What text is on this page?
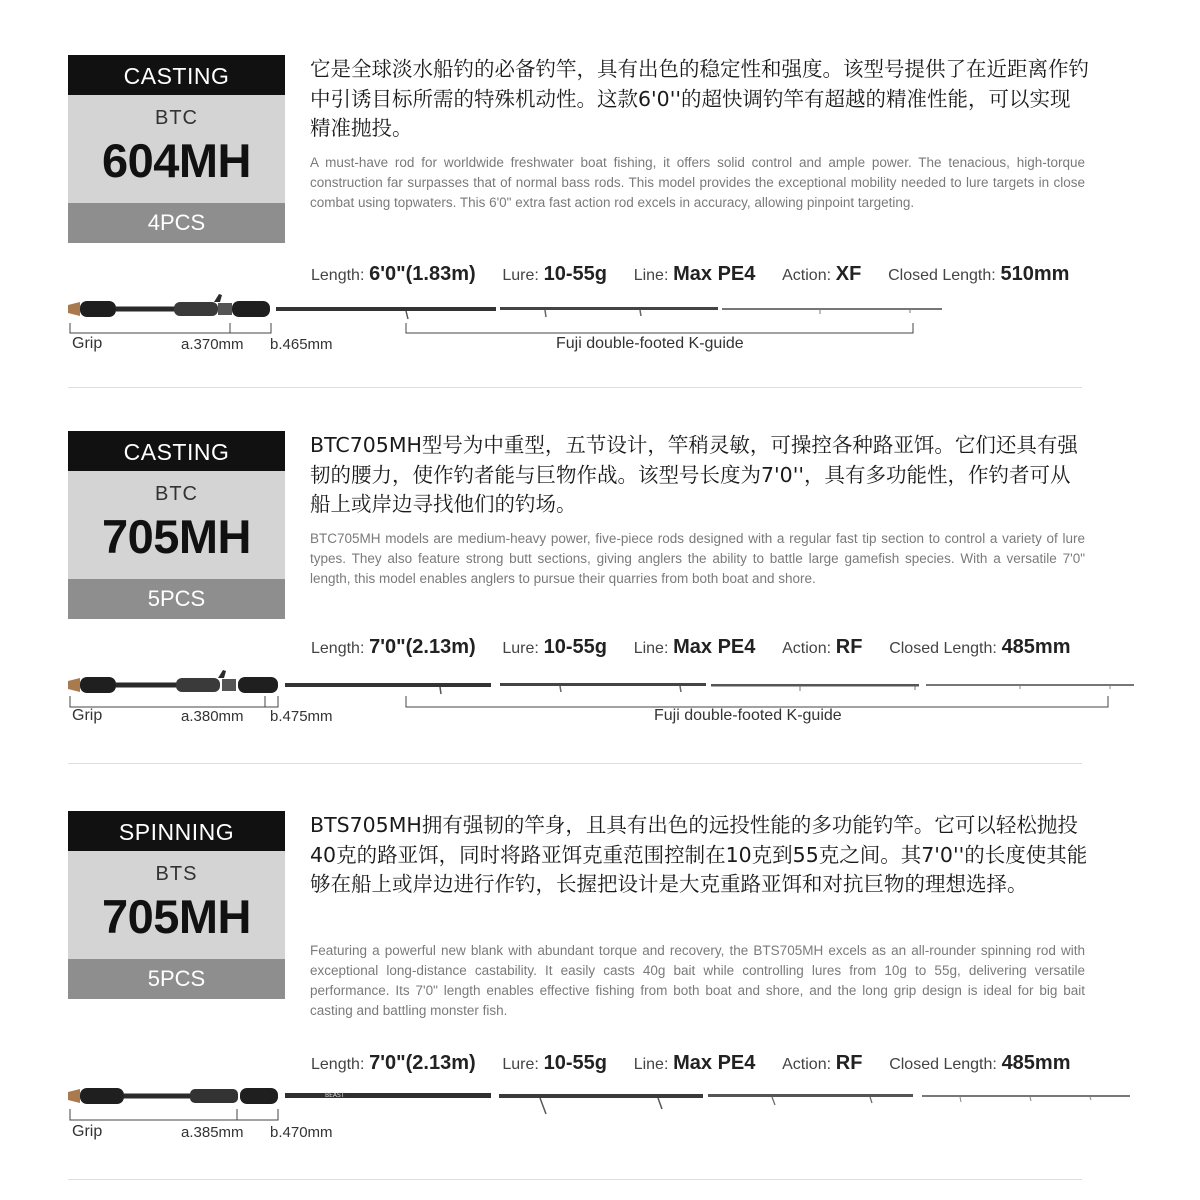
CASTING
BTC
604MH
4PCS
它是全球淡水船钓的必备钓竿，具有出色的稳定性和强度。该型号提供了在近距离作钓中引诱目标所需的特殊机动性。这款6'0''的超快调钓竿有超越的精准性能，可以实现精准抛投。
A must-have rod for worldwide freshwater boat fishing, it offers solid control and ample power. The tenacious, high-torque construction far surpasses that of normal bass rods. This model provides the exceptional mobility needed to lure targets in close combat using topwaters. This 6'0" extra fast action rod excels in accuracy, allowing pinpoint targeting.
Length: 6'0"(1.83m) Lure: 10-55g Line: Max PE4 Action: XF Closed Length: 510mm
Grip	a.370mm b.465mm	Fuji double-footed K-guide
CASTING
BTC
705MH
5PCS
BTC705MH型号为中重型，五节设计，竿稍灵敏，可操控各种路亚饵。它们还具有强韧的腰力，使作钓者能与巨物作战。该型号长度为7'0''，具有多功能性，作钓者可从船上或岸边寻找他们的钓场。
BTC705MH models are medium-heavy power, five-piece rods designed with a regular fast tip section to control a variety of lure types. They also feature strong butt sections, giving anglers the ability to battle large gamefish species. With a versatile 7'0" length, this model enables anglers to pursue their quarries from both boat and shore.
Length: 7'0"(2.13m) Lure: 10-55g Line: Max PE4 Action: RF Closed Length: 485mm
Grip	a.380mm b.475mm	Fuji double-footed K-guide
SPINNING
BTS
705MH
5PCS
BTS705MH拥有强韧的竿身，且具有出色的远投性能的多功能钓竿。它可以轻松抛投40克的路亚饵，同时将路亚饵克重范围控制在10克到55克之间。其7'0''的长度使其能够在船上或岸边进行作钓，长握把设计是大克重路亚饵和对抗巨物的理想选择。
Featuring a powerful new blank with abundant torque and recovery, the BTS705MH excels as an all-rounder spinning rod with exceptional long-distance castability. It easily casts 40g bait while controlling lures from 10g to 55g, delivering versatile performance. Its 7'0" length enables effective fishing from both boat and shore, and the long grip design is ideal for big bait casting and battling monster fish.
Length: 7'0"(2.13m) Lure: 10-55g Line: Max PE4 Action: RF Closed Length: 485mm
BEAST
Grip	a.385mm b.470mm
